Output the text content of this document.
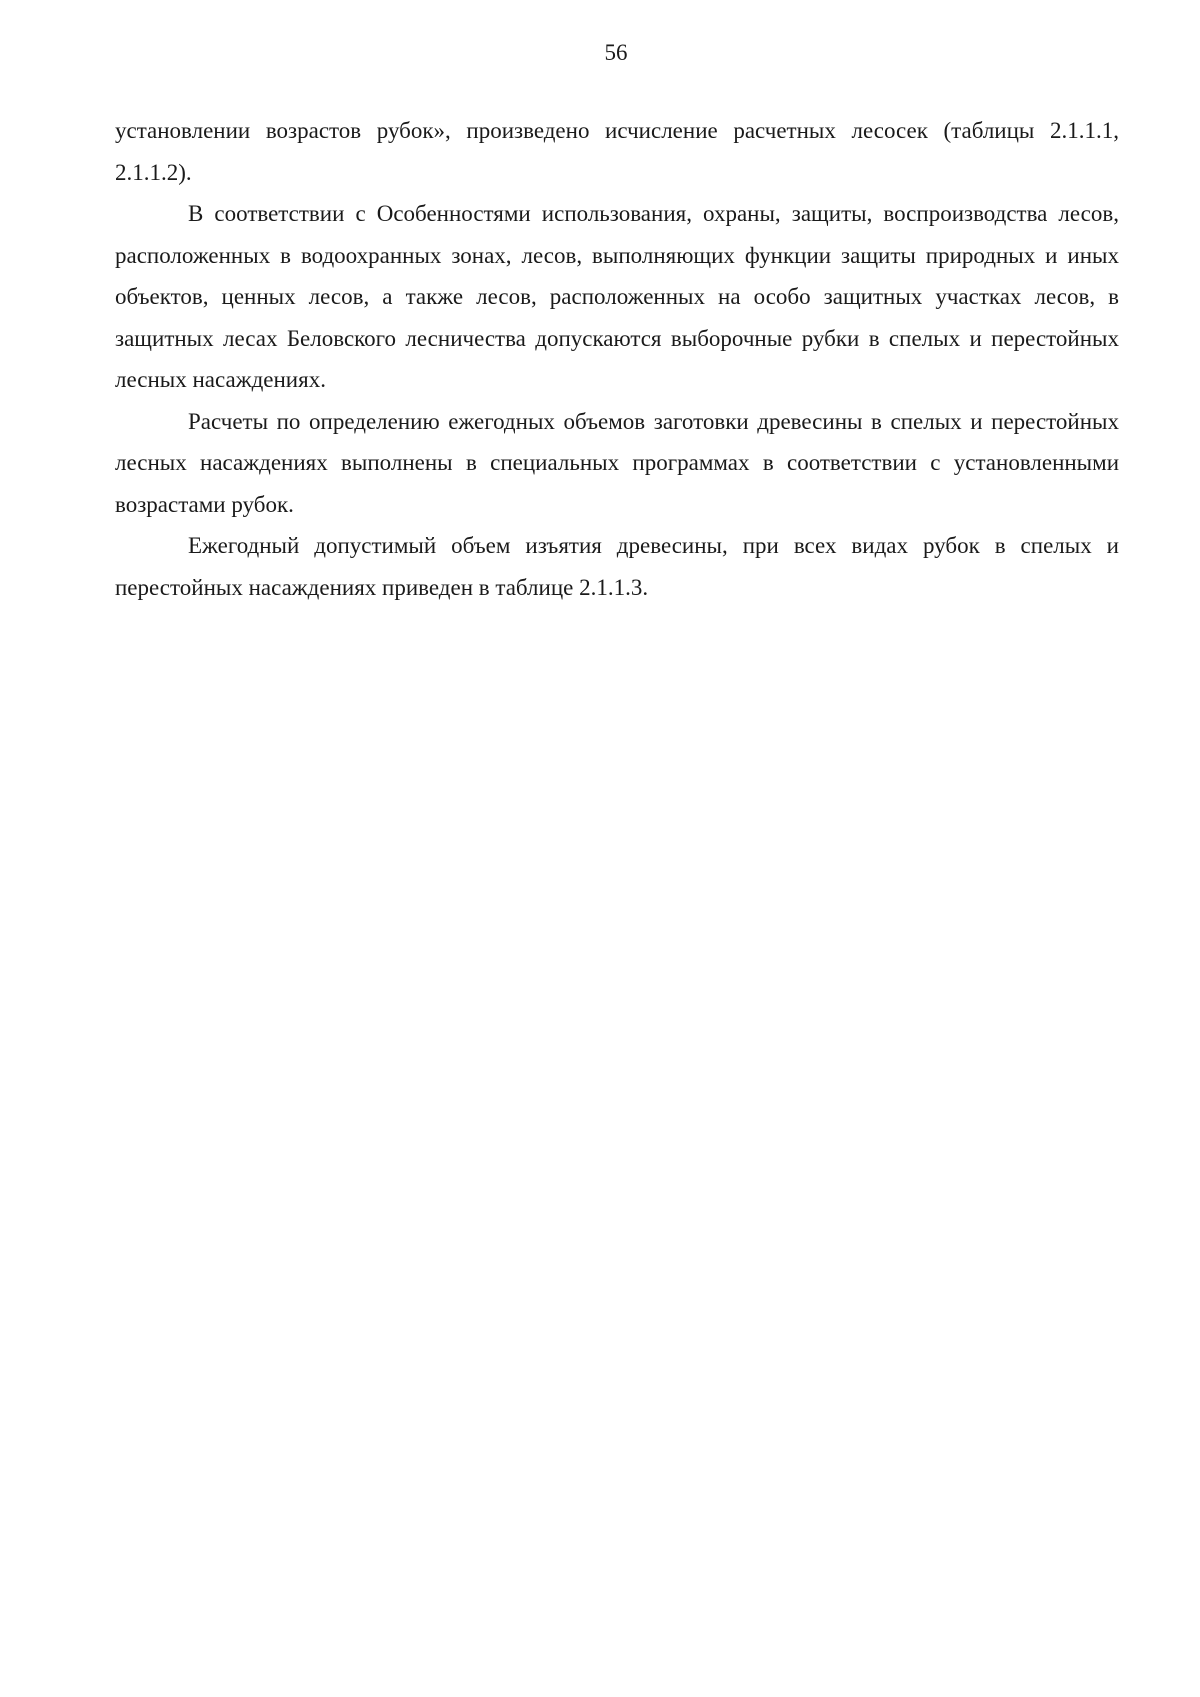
56

установлении возрастов рубок», произведено исчисление расчетных лесосек (таблицы 2.1.1.1, 2.1.1.2).

В соответствии с Особенностями использования, охраны, защиты, воспроизводства лесов, расположенных в водоохранных зонах, лесов, выполняющих функции защиты природных и иных объектов, ценных лесов, а также лесов, расположенных на особо защитных участках лесов, в защитных лесах Беловского лесничества допускаются выборочные рубки в спелых и перестойных лесных насаждениях.

Расчеты по определению ежегодных объемов заготовки древесины в спелых и перестойных лесных насаждениях выполнены в специальных программах в соответствии с установленными возрастами рубок.

Ежегодный допустимый объем изъятия древесины, при всех видах рубок в спелых и перестойных насаждениях приведен в таблице 2.1.1.3.
